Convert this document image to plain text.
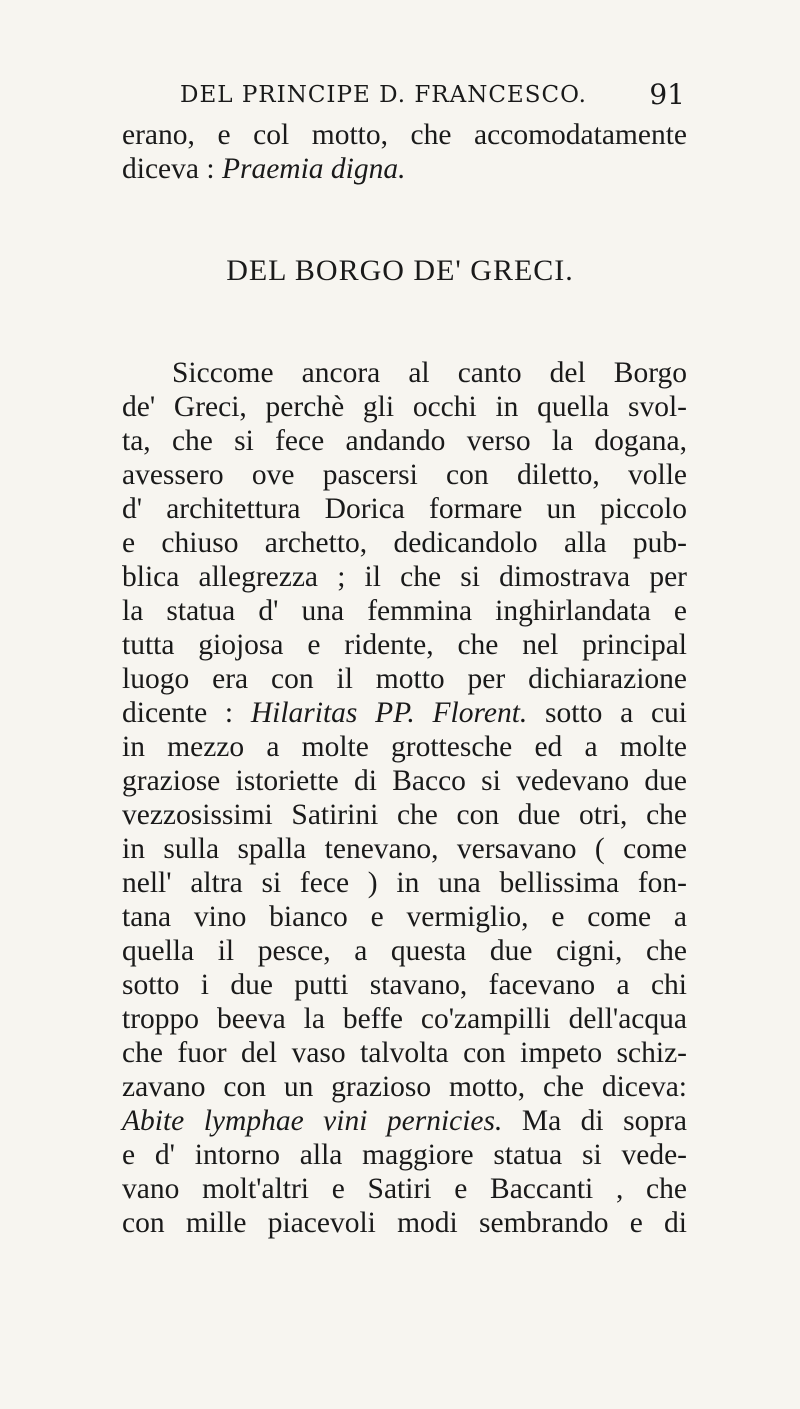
DEL PRINCIPE D. FRANCESCO. 91
erano, e col motto, che accomodatamente
diceva : Praemia digna.
DEL BORGO DE' GRECI.
Siccome ancora al canto del Borgo
de' Greci, perchè gli occhi in quella svol-
ta, che si fece andando verso la dogana,
avessero ove pascersi con diletto, volle
d' architettura Dorica formare un piccolo
e chiuso archetto, dedicandolo alla pub-
blica allegrezza ; il che si dimostrava per
la statua d' una femmina inghirlandata e
tutta giojosa e ridente, che nel principal
luogo era con il motto per dichiarazione
dicente : Hilaritas PP. Florent. sotto a cui
in mezzo a molte grottesche ed a molte
graziose istoriette di Bacco si vedevano due
vezzosissimi Satirini che con due otri, che
in sulla spalla tenevano, versavano ( come
nell' altra si fece ) in una bellissima fon-
tana vino bianco e vermiglio, e come a
quella il pesce, a questa due cigni, che
sotto i due putti stavano, facevano a chi
troppo beeva la beffe co'zampilli dell'acqua
che fuor del vaso talvolta con impeto schiz-
zavano con un grazioso motto, che diceva:
Abite lymphae vini pernicies. Ma di sopra
e d' intorno alla maggiore statua si vede-
vano molt'altri e Satiri e Baccanti , che
con mille piacevoli modi sembrando e di
